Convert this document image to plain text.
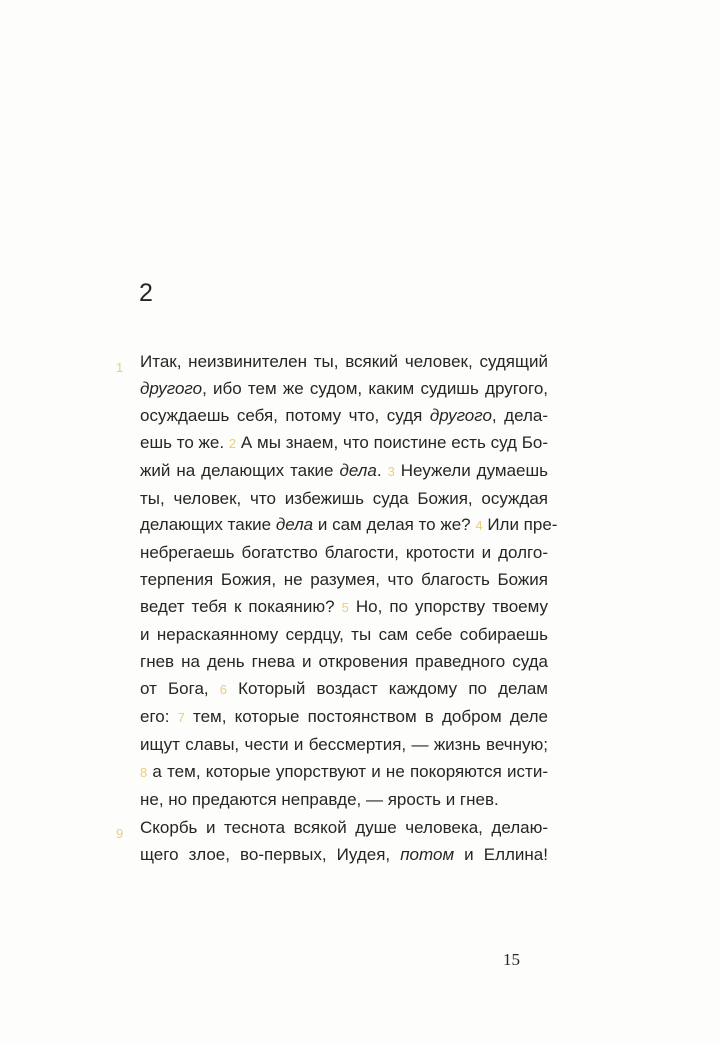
2
1 Итак, неизвинителен ты, всякий человек, судящий
другого, ибо тем же судом, каким судишь другого,
осуждаешь себя, потому что, судя другого, дела-
ешь то же. 2 А мы знаем, что поистине есть суд Бо-
жий на делающих такие дела. 3 Неужели думаешь
ты, человек, что избежишь суда Божия, осуждая
делающих такие дела и сам делая то же? 4 Или пре-
небрегаешь богатство благости, кротости и долго-
терпения Божия, не разумея, что благость Божия
ведет тебя к покаянию? 5 Но, по упорству твоему
и нераскаянному сердцу, ты сам себе собираешь
гнев на день гнева и откровения праведного суда
от Бога, 6 Который воздаст каждому по делам
его: 7 тем, которые постоянством в добром деле
ищут славы, чести и бессмертия, — жизнь вечную;
8 а тем, которые упорствуют и не покоряются исти-
не, но предаются неправде, — ярость и гнев.
9 Скорбь и теснота всякой душе человека, делаю-
щего злое, во-первых, Иудея, потом и Еллина!
15
